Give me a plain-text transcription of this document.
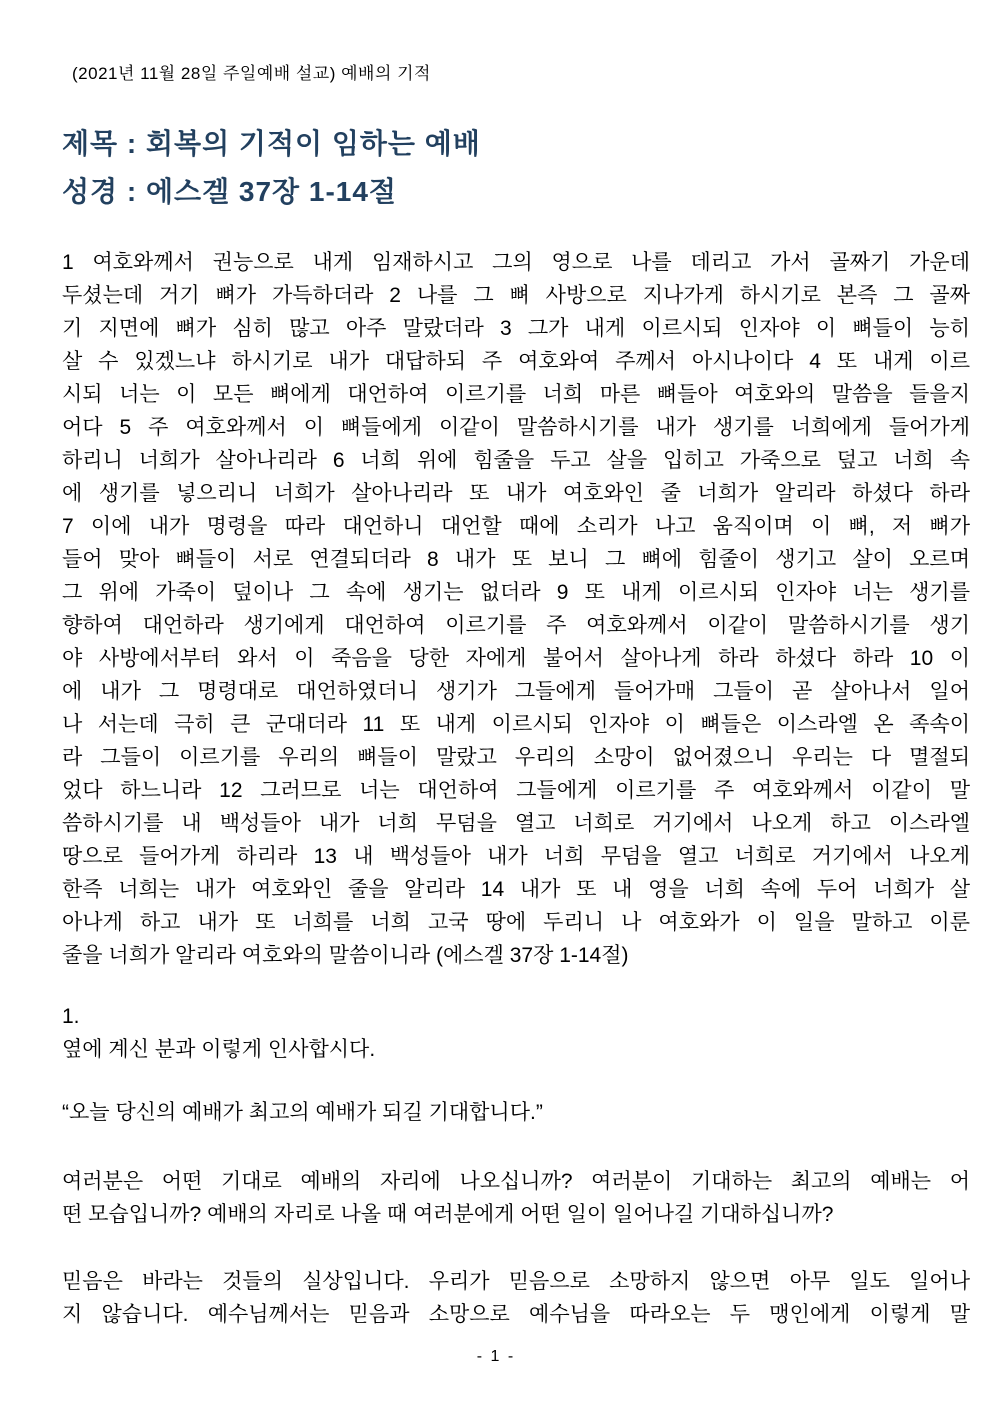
(2021년 11월 28일 주일예배 설교) 예배의 기적
제목 : 회복의 기적이 임하는 예배
성경 : 에스겔 37장 1-14절
1 여호와께서 권능으로 내게 임재하시고 그의 영으로 나를 데리고 가서 골짜기 가운데
두셨는데 거기 뼈가 가득하더라 2 나를 그 뼈 사방으로 지나가게 하시기로 본즉 그 골짜
기 지면에 뼈가 심히 많고 아주 말랐더라 3 그가 내게 이르시되 인자야 이 뼈들이 능히
살 수 있겠느냐 하시기로 내가 대답하되 주 여호와여 주께서 아시나이다 4 또 내게 이르
시되 너는 이 모든 뼈에게 대언하여 이르기를 너희 마른 뼈들아 여호와의 말씀을 들을지
어다 5 주 여호와께서 이 뼈들에게 이같이 말씀하시기를 내가 생기를 너희에게 들어가게
하리니 너희가 살아나리라 6 너희 위에 힘줄을 두고 살을 입히고 가죽으로 덮고 너희 속
에 생기를 넣으리니 너희가 살아나리라 또 내가 여호와인 줄 너희가 알리라 하셨다 하라
7 이에 내가 명령을 따라 대언하니 대언할 때에 소리가 나고 움직이며 이 뼈, 저 뼈가
들어 맞아 뼈들이 서로 연결되더라 8 내가 또 보니 그 뼈에 힘줄이 생기고 살이 오르며
그 위에 가죽이 덮이나 그 속에 생기는 없더라 9 또 내게 이르시되 인자야 너는 생기를
향하여 대언하라 생기에게 대언하여 이르기를 주 여호와께서 이같이 말씀하시기를 생기
야 사방에서부터 와서 이 죽음을 당한 자에게 불어서 살아나게 하라 하셨다 하라 10 이
에 내가 그 명령대로 대언하였더니 생기가 그들에게 들어가매 그들이 곧 살아나서 일어
나 서는데 극히 큰 군대더라 11 또 내게 이르시되 인자야 이 뼈들은 이스라엘 온 족속이
라 그들이 이르기를 우리의 뼈들이 말랐고 우리의 소망이 없어졌으니 우리는 다 멸절되
었다 하느니라 12 그러므로 너는 대언하여 그들에게 이르기를 주 여호와께서 이같이 말
씀하시기를 내 백성들아 내가 너희 무덤을 열고 너희로 거기에서 나오게 하고 이스라엘
땅으로 들어가게 하리라 13 내 백성들아 내가 너희 무덤을 열고 너희로 거기에서 나오게
한즉 너희는 내가 여호와인 줄을 알리라 14 내가 또 내 영을 너희 속에 두어 너희가 살
아나게 하고 내가 또 너희를 너희 고국 땅에 두리니 나 여호와가 이 일을 말하고 이룬
줄을 너희가 알리라 여호와의 말씀이니라 (에스겔 37장 1-14절)
1.
옆에 계신 분과 이렇게 인사합시다.
“오늘 당신의 예배가 최고의 예배가 되길 기대합니다.”
여러분은 어떤 기대로 예배의 자리에 나오십니까? 여러분이 기대하는 최고의 예배는 어
떤 모습입니까? 예배의 자리로 나올 때 여러분에게 어떤 일이 일어나길 기대하십니까?
믿음은 바라는 것들의 실상입니다. 우리가 믿음으로 소망하지 않으면 아무 일도 일어나
지 않습니다. 예수님께서는 믿음과 소망으로 예수님을 따라오는 두 맹인에게 이렇게 말
- 1 -
